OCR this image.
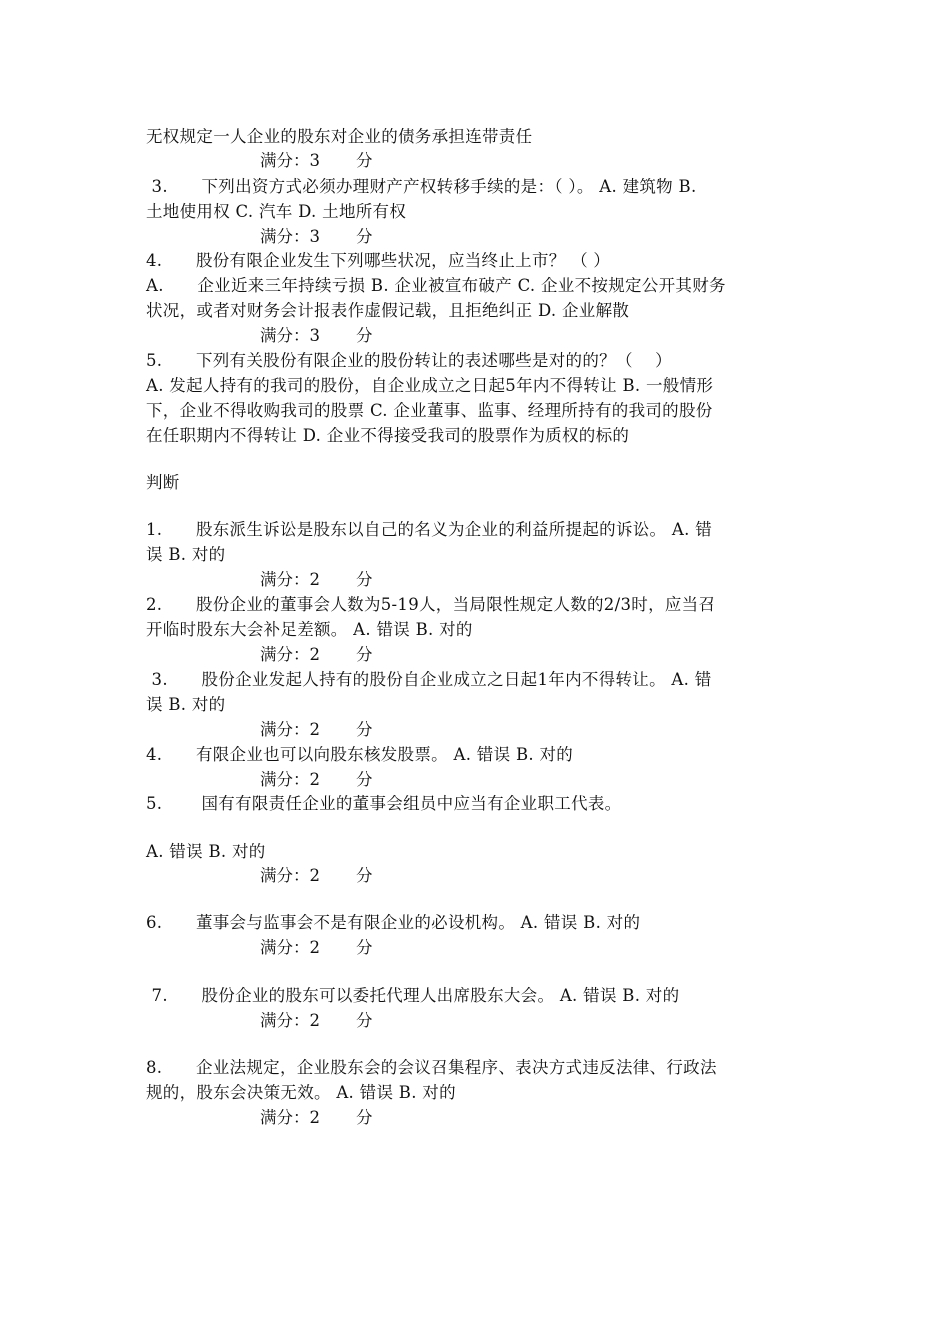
无权规定一人企业的股东对企业的债务承担连带责任
满分：3 分
3.　　下列出资方式必须办理财产产权转移手续的是：（ ）。 A. 建筑物 B.
土地使用权 C. 汽车 D. 土地所有权
满分：3 分
4.　　股份有限企业发生下列哪些状况，应当终止上市？ （ ）
A.　　企业近来三年持续亏损 B. 企业被宣布破产 C. 企业不按规定公开其财务
状况，或者对财务会计报表作虚假记载，且拒绝纠正 D. 企业解散
满分：3 分
5.　　下列有关股份有限企业的股份转让的表述哪些是对的的？（　 ）
A. 发起人持有的我司的股份，自企业成立之日起5年内不得转让 B. 一般情形
下，企业不得收购我司的股票 C. 企业董事、监事、经理所持有的我司的股份
在任职期内不得转让 D. 企业不得接受我司的股票作为质权的标的
判断
1.　　股东派生诉讼是股东以自己的名义为企业的利益所提起的诉讼。 A. 错
误 B. 对的
满分：2 分
2.　　股份企业的董事会人数为5-19人，当局限性规定人数的2/3时，应当召
开临时股东大会补足差额。 A. 错误 B. 对的
满分：2 分
3.　　股份企业发起人持有的股份自企业成立之日起1年内不得转让。 A. 错
误 B. 对的
满分：2 分
4.　　有限企业也可以向股东核发股票。 A. 错误 B. 对的
满分：2 分
5.　　 国有有限责任企业的董事会组员中应当有企业职工代表。
A. 错误 B. 对的
满分：2 分
6.　　董事会与监事会不是有限企业的必设机构。 A. 错误 B. 对的
满分：2 分
7.　　股份企业的股东可以委托代理人出席股东大会。 A. 错误 B. 对的
满分：2 分
8.　　企业法规定，企业股东会的会议召集程序、表决方式违反法律、行政法
规的，股东会决策无效。 A. 错误 B. 对的
满分：2 分
